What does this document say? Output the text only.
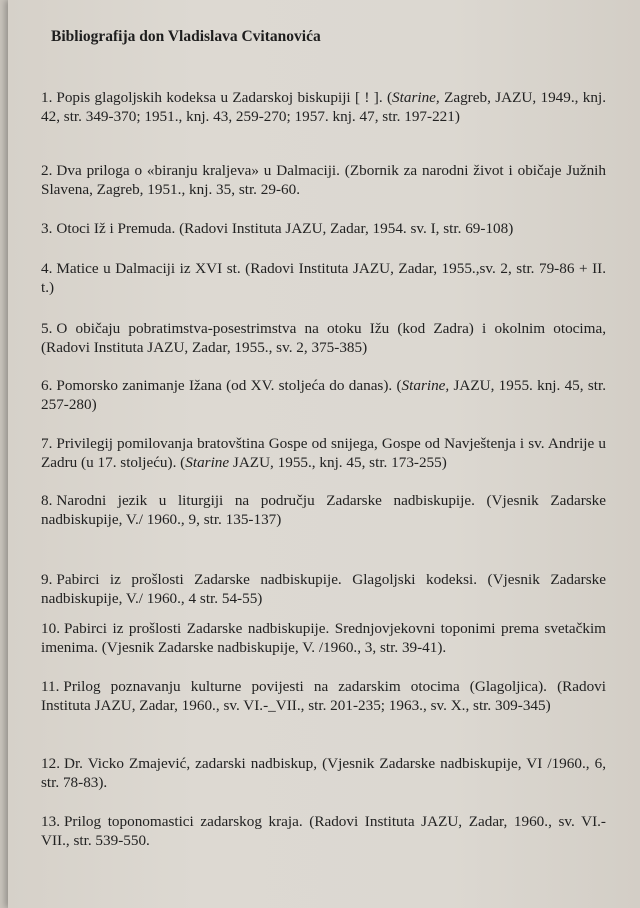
Bibliografija don Vladislava Cvitanovića

1. Popis glagoljskih kodeksa u Zadarskoj biskupiji [ ! ]. (Starine, Zagreb, JAZU, 1949., knj. 42, str. 349-370; 1951., knj. 43, 259-270; 1957. knj. 47, str. 197-221)

2. Dva priloga o «biranju kraljeva» u Dalmaciji. (Zbornik za narodni život i običaje Južnih Slavena, Zagreb, 1951., knj. 35, str. 29-60.

3. Otoci Iž i Premuda. (Radovi Instituta JAZU, Zadar, 1954. sv. I, str. 69-108)

4. Matice u Dalmaciji iz XVI st. (Radovi Instituta JAZU, Zadar, 1955.,sv. 2, str. 79-86 + II. t.)

5. O običaju pobratimstva-posestrimstva na otoku Ižu (kod Zadra) i okolnim otocima, (Radovi Instituta JAZU, Zadar, 1955., sv. 2, 375-385)

6. Pomorsko zanimanje Ižana (od XV. stoljeća do danas). (Starine, JAZU, 1955. knj. 45, str. 257-280)

7. Privilegij pomilovanja bratovština Gospe od snijega, Gospe od Navještenja i sv. Andrije u Zadru (u 17. stoljeću). (Starine JAZU, 1955., knj. 45, str. 173-255)

8. Narodni jezik u liturgiji na području Zadarske nadbiskupije. (Vjesnik Zadarske nadbiskupije, V./ 1960., 9, str. 135-137)

9. Pabirci iz prošlosti Zadarske nadbiskupije. Glagoljski kodeksi. (Vjesnik Zadarske nadbiskupije, V./ 1960., 4 str. 54-55)

10. Pabirci iz prošlosti Zadarske nadbiskupije. Srednjovjekovni toponimi prema svetačkim imenima. (Vjesnik Zadarske nadbiskupije, V. /1960., 3, str. 39-41).

11. Prilog poznavanju kulturne povijesti na zadarskim otocima (Glagoljica). (Radovi Instituta JAZU, Zadar, 1960., sv. VI.-_VII., str. 201-235; 1963., sv. X., str. 309-345)

12. Dr. Vicko Zmajević, zadarski nadbiskup, (Vjesnik Zadarske nadbiskupije, VI /1960., 6, str. 78-83).

13. Prilog toponomastici zadarskog kraja. (Radovi Instituta JAZU, Zadar, 1960., sv. VI.-VII., str. 539-550.
